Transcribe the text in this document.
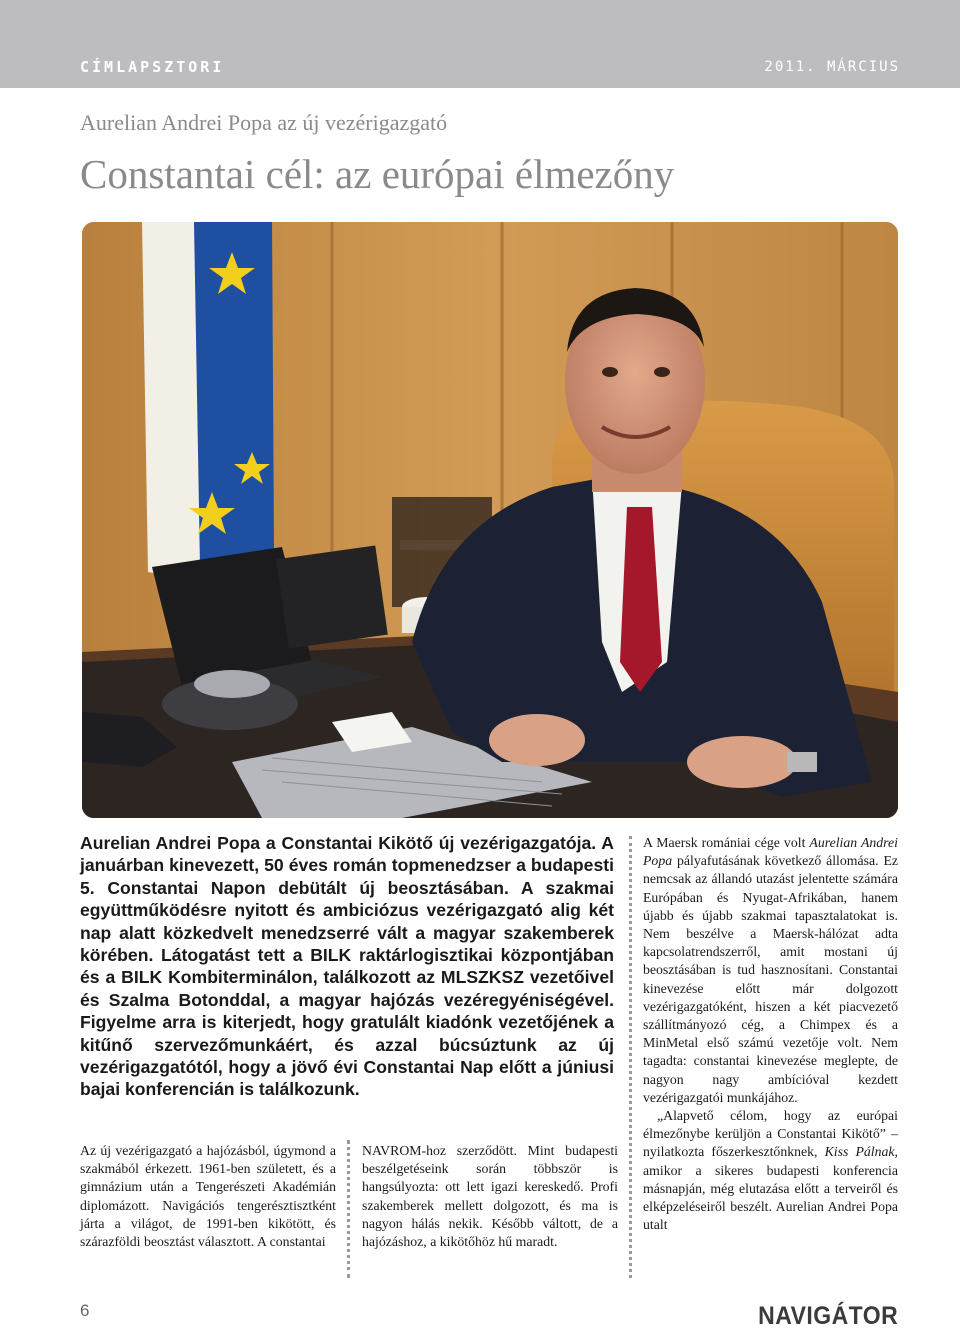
CÍMLAPSZTORI	2011. MÁRCIUS
Aurelian Andrei Popa az új vezérigazgató
Constantai cél: az európai élmezőny
Aurelian Andrei Popa a Constantai Kikötő új vezérigazgatója. A januárban kinevezett, 50 éves román topmenedzser a budapesti 5. Constantai Napon debütált új beosztásában. A szakmai együttműködésre nyitott és ambiciózus vezérigazgató alig két nap alatt közkedvelt menedzserré vált a magyar szakemberek körében. Látogatást tett a BILK raktárlogisztikai központjában és a BILK Kombiterminálon, találkozott az MLSZKSZ vezetőivel és Szalma Botonddal, a magyar hajózás vezéregyéniségével. Figyelme arra is kiterjedt, hogy gratulált kiadónk vezetőjének a kitűnő szervezőmunkáért, és azzal búcsúztunk az új vezérigazgatótól, hogy a jövő évi Constantai Nap előtt a júniusi bajai konferencián is találkozunk.

Az új vezérigazgató a hajózásból, úgymond a szakmából érkezett. 1961-ben született, és a gimnázium után a Tengerészeti Akadémián diplomázott. Navigációs tengerésztisztként járta a világot, de 1991-ben kikötött, és szárazföldi beosztást választott. A constantai

NAVROM-hoz szerződött. Mint budapesti beszélgetéseink során többször is hangsúlyozta: ott lett igazi kereskedő. Profi szakemberek mellett dolgozott, és ma is nagyon hálás nekik. Később váltott, de a hajózáshoz, a kikötőhöz hű maradt.

A Maersk romániai cége volt Aurelian Andrei Popa pályafutásának következő állomása. Ez nemcsak az állandó utazást jelentette számára Európában és Nyugat-Afrikában, hanem újabb és újabb szakmai tapasztalatokat is. Nem beszélve a Maersk-hálózat adta kapcsolatrendszerről, amit mostani új beosztásában is tud hasznosítani. Constantai kinevezése előtt már dolgozott vezérigazgatóként, hiszen a két piacvezető szállítmányozó cég, a Chimpex és a MinMetal első számú vezetője volt. Nem tagadta: constantai kinevezése meglepte, de nagyon nagy ambícióval kezdett vezérigazgatói munkájához.

„Alapvető célom, hogy az európai élmezőnybe kerüljön a Constantai Kikötő” – nyilatkozta főszerkesztőnknek, Kiss Pálnak, amikor a sikeres budapesti konferencia másnapján, még elutazása előtt a terveiről és elképzeléseiről beszélt. Aurelian Andrei Popa utalt

6	NAVIGÁTOR
